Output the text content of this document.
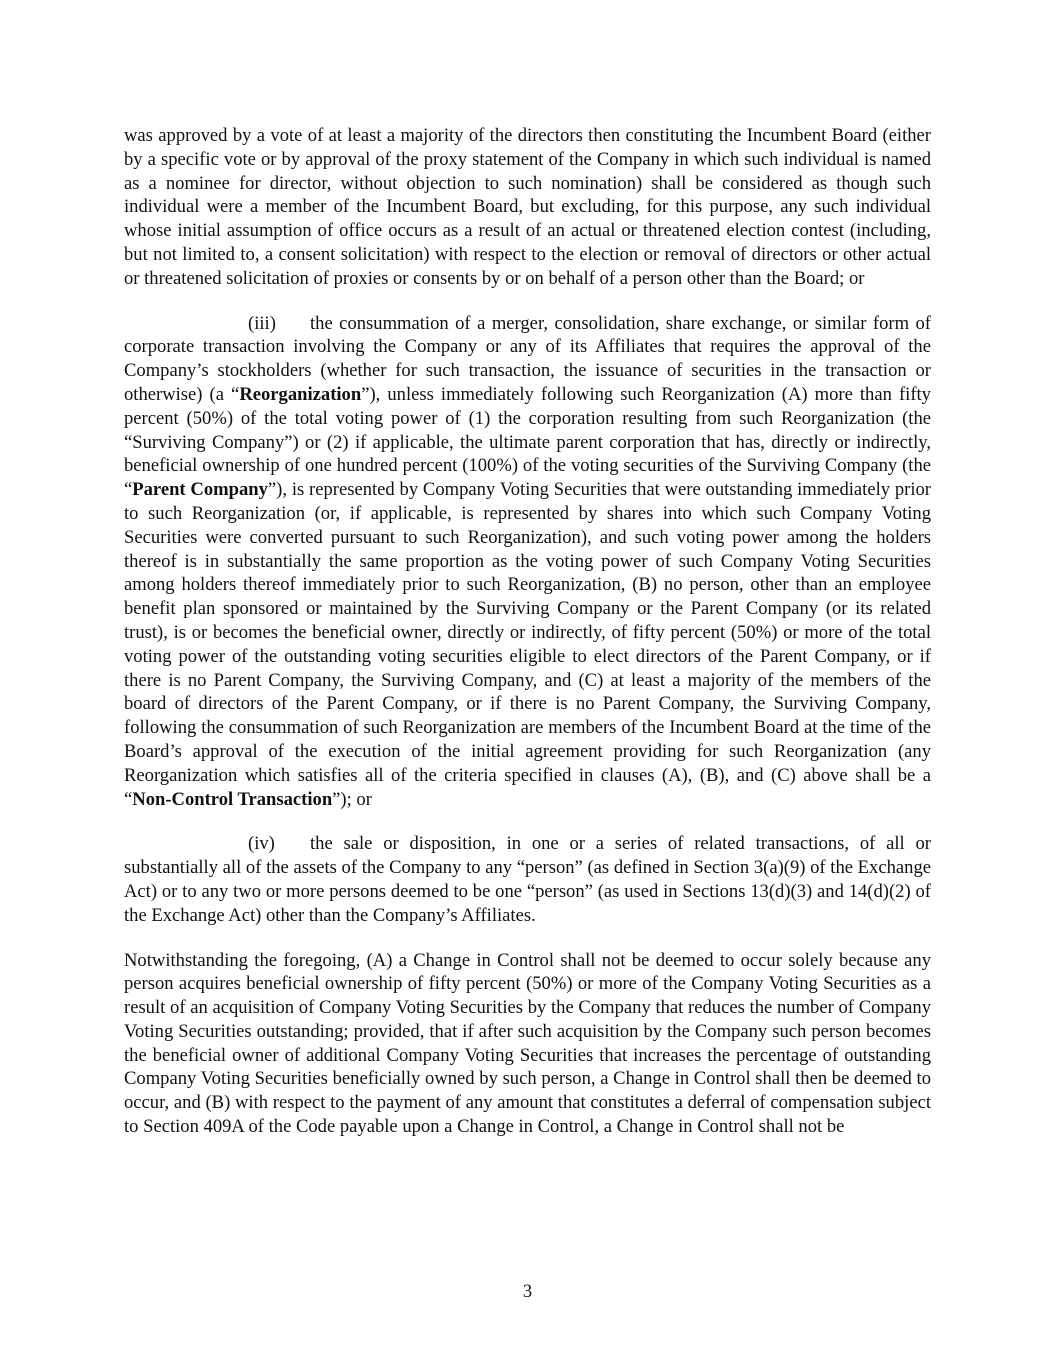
was approved by a vote of at least a majority of the directors then constituting the Incumbent Board (either by a specific vote or by approval of the proxy statement of the Company in which such individual is named as a nominee for director, without objection to such nomination) shall be considered as though such individual were a member of the Incumbent Board, but excluding, for this purpose, any such individual whose initial assumption of office occurs as a result of an actual or threatened election contest (including, but not limited to, a consent solicitation) with respect to the election or removal of directors or other actual or threatened solicitation of proxies or consents by or on behalf of a person other than the Board; or

(iii) the consummation of a merger, consolidation, share exchange, or similar form of corporate transaction involving the Company or any of its Affiliates that requires the approval of the Company’s stockholders (whether for such transaction, the issuance of securities in the transaction or otherwise) (a “Reorganization”), unless immediately following such Reorganization (A) more than fifty percent (50%) of the total voting power of (1) the corporation resulting from such Reorganization (the “Surviving Company”) or (2) if applicable, the ultimate parent corporation that has, directly or indirectly, beneficial ownership of one hundred percent (100%) of the voting securities of the Surviving Company (the “Parent Company”), is represented by Company Voting Securities that were outstanding immediately prior to such Reorganization (or, if applicable, is represented by shares into which such Company Voting Securities were converted pursuant to such Reorganization), and such voting power among the holders thereof is in substantially the same proportion as the voting power of such Company Voting Securities among holders thereof immediately prior to such Reorganization, (B) no person, other than an employee benefit plan sponsored or maintained by the Surviving Company or the Parent Company (or its related trust), is or becomes the beneficial owner, directly or indirectly, of fifty percent (50%) or more of the total voting power of the outstanding voting securities eligible to elect directors of the Parent Company, or if there is no Parent Company, the Surviving Company, and (C) at least a majority of the members of the board of directors of the Parent Company, or if there is no Parent Company, the Surviving Company, following the consummation of such Reorganization are members of the Incumbent Board at the time of the Board’s approval of the execution of the initial agreement providing for such Reorganization (any Reorganization which satisfies all of the criteria specified in clauses (A), (B), and (C) above shall be a “Non-Control Transaction”); or

(iv) the sale or disposition, in one or a series of related transactions, of all or substantially all of the assets of the Company to any “person” (as defined in Section 3(a)(9) of the Exchange Act) or to any two or more persons deemed to be one “person” (as used in Sections 13(d)(3) and 14(d)(2) of the Exchange Act) other than the Company’s Affiliates.

Notwithstanding the foregoing, (A) a Change in Control shall not be deemed to occur solely because any person acquires beneficial ownership of fifty percent (50%) or more of the Company Voting Securities as a result of an acquisition of Company Voting Securities by the Company that reduces the number of Company Voting Securities outstanding; provided, that if after such acquisition by the Company such person becomes the beneficial owner of additional Company Voting Securities that increases the percentage of outstanding Company Voting Securities beneficially owned by such person, a Change in Control shall then be deemed to occur, and (B) with respect to the payment of any amount that constitutes a deferral of compensation subject to Section 409A of the Code payable upon a Change in Control, a Change in Control shall not be

3
